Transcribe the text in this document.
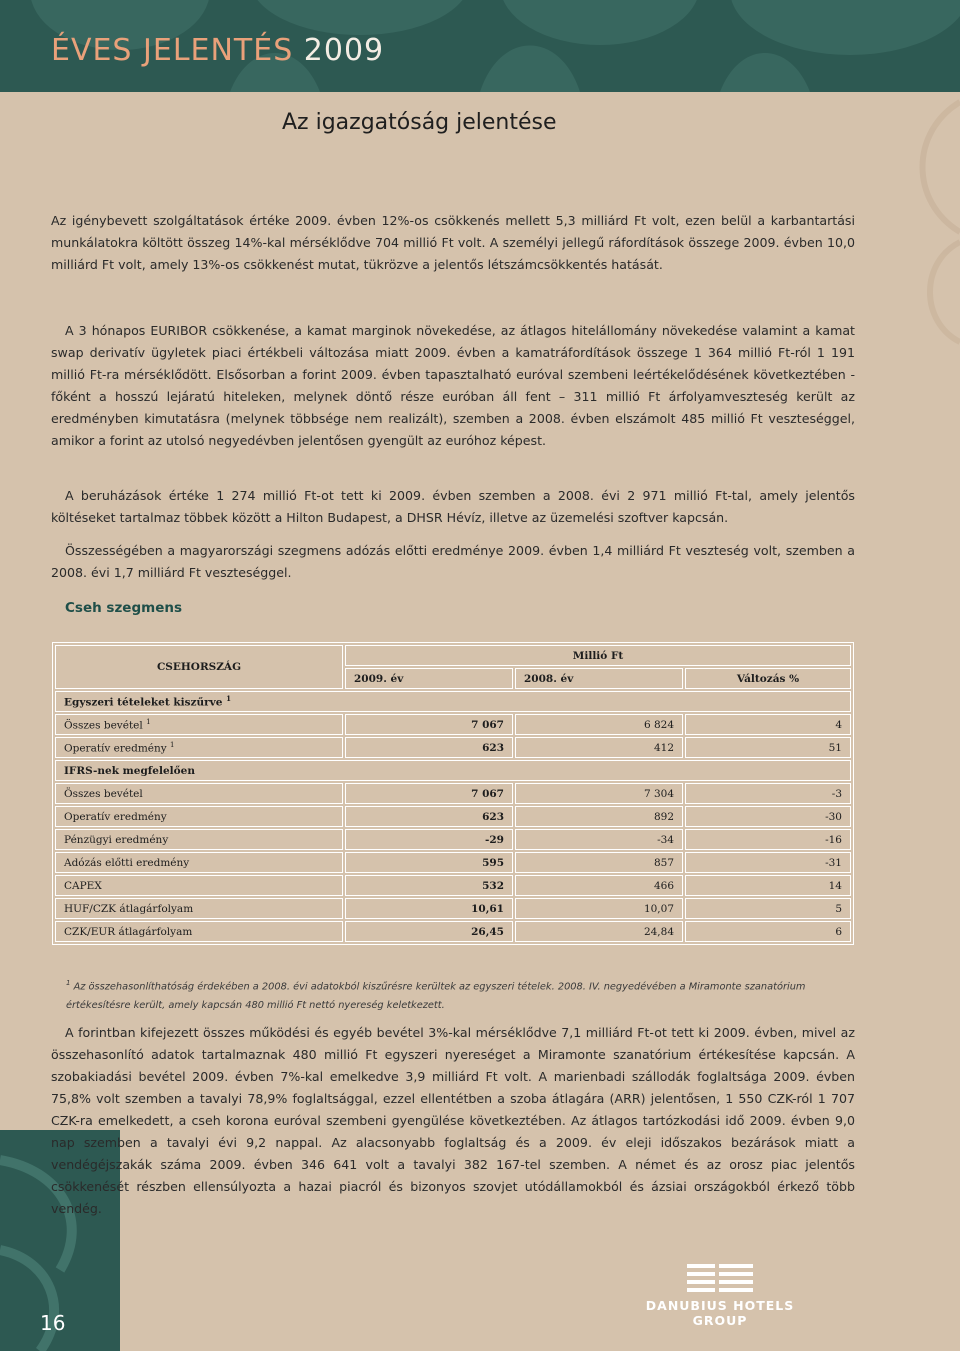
ÉVES JELENTÉS 2009
Az igazgatóság jelentése

Az igénybevett szolgáltatások értéke 2009. évben 12%-os csökkenés mellett 5,3 milliárd Ft volt, ezen belül a karbantartási munkálatokra költött összeg 14%-kal mérséklődve 704 millió Ft volt. A személyi jellegű ráfordítások összege 2009. évben 10,0 milliárd Ft volt, amely 13%-os csökkenést mutat, tükrözve a jelentős létszámcsökkentés hatását.

A 3 hónapos EURIBOR csökkenése, a kamat marginok növekedése, az átlagos hitelállomány növekedése valamint a kamat swap derivatív ügyletek piaci értékbeli változása miatt 2009. évben a kamatráfordítások összege 1 364 millió Ft-ról 1 191 millió Ft-ra mérséklődött. Elsősorban a forint 2009. évben tapasztalható euróval szembeni leértékelődésének következtében - főként a hosszú lejáratú hiteleken, melynek döntő része euróban áll fent – 311 millió Ft árfolyamveszteség került az eredményben kimutatásra (melynek többsége nem realizált), szemben a 2008. évben elszámolt 485 millió Ft veszteséggel, amikor a forint az utolsó negyedévben jelentősen gyengült az euróhoz képest.

A beruházások értéke 1 274 millió Ft-ot tett ki 2009. évben szemben a 2008. évi 2 971 millió Ft-tal, amely jelentős költéseket tartalmaz többek között a Hilton Budapest, a DHSR Hévíz, illetve az üzemelési szoftver kapcsán.

Összességében a magyarországi szegmens adózás előtti eredménye 2009. évben 1,4 milliárd Ft veszteség volt, szemben a 2008. évi 1,7 milliárd Ft veszteséggel.

Cseh szegmens
CSEHORSZÁG	Millió Ft		
	2009. év	2008. év	Változás %
Egyszeri tételeket kiszűrve $^1$
Összes bevétel $^1$	7 067	6 824	4
Operatív eredmény $^1$	623	412	51
IFRS-nek megfelelően			
Összes bevétel	7 067	7 304	-3
Operatív eredmény	623	892	-30
Pénzügyi eredmény	-29	-34	-16
Adózás előtti eredmény	595	857	-31
CAPEX	532	466	14
HUF/CZK átlagárfolyam	10,61	10,07	5
CZK/EUR átlagárfolyam	26,45	24,84	6

$^1$ Az összehasonlíthatóság érdekében a 2008. évi adatokból kiszűrésre kerültek az egyszeri tételek. 2008. IV. negyedévében a Miramonte szanatórium értékesítésre került, amely kapcsán 480 millió Ft nettó nyereség keletkezett.

A forintban kifejezett összes működési és egyéb bevétel 3%-kal mérséklődve 7,1 milliárd Ft-ot tett ki 2009. évben, mivel az összehasonlító adatok tartalmaznak 480 millió Ft egyszeri nyereséget a Miramonte szanatórium értékesítése kapcsán. A szobakiadási bevétel 2009. évben 7%-kal emelkedve 3,9 milliárd Ft volt. A marienbadi szállodák foglaltsága 2009. évben 75,8% volt szemben a tavalyi 78,9% foglaltsággal, ezzel ellentétben a szoba átlagára (ARR) jelentősen, 1 550 CZK-ról 1 707 CZK-ra emelkedett, a cseh korona euróval szembeni gyengülése következtében. Az átlagos tartózkodási idő 2009. évben 9,0 nap szemben a tavalyi évi 9,2 nappal. Az alacsonyabb foglaltság és a 2009. év eleji időszakos bezárások miatt a vendégéjszakák száma 2009. évben 346 641 volt a tavalyi 382 167-tel szemben. A német és az orosz piac jelentős csökkenését részben ellensúlyozta a hazai piacról és bizonyos szovjet utódállamokból és ázsiai országokból érkező több vendég.

16

DANUBIUS HOTELS
GROUP
